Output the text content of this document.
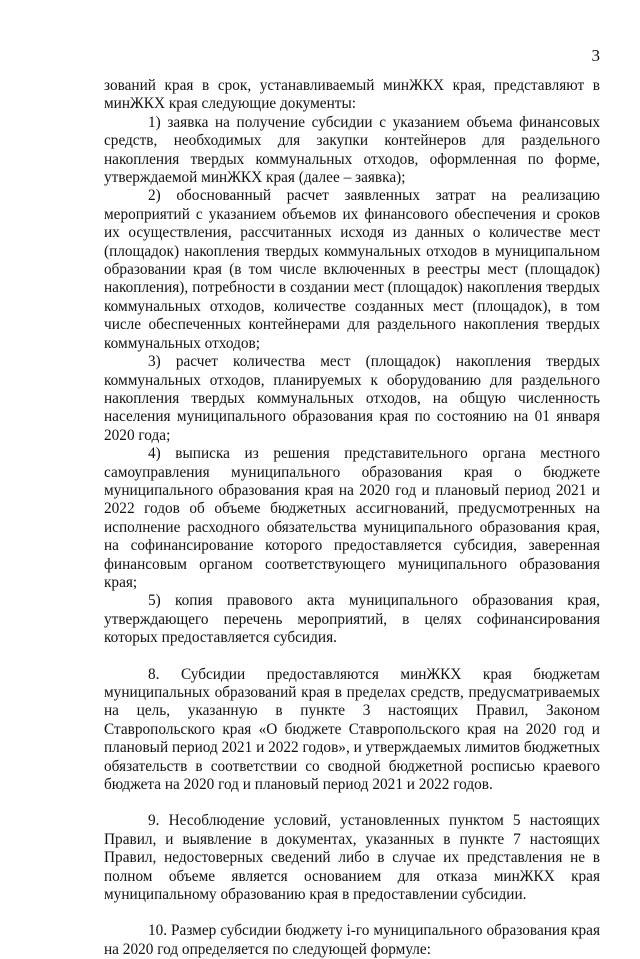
3

зований края в срок, устанавливаемый минЖКХ края, представляют в минЖКХ края следующие документы:

1) заявка на получение субсидии с указанием объема финансовых средств, необходимых для закупки контейнеров для раздельного накопления твердых коммунальных отходов, оформленная по форме, утверждаемой минЖКХ края (далее – заявка);

2) обоснованный расчет заявленных затрат на реализацию мероприятий с указанием объемов их финансового обеспечения и сроков их осуществления, рассчитанных исходя из данных о количестве мест (площадок) накопления твердых коммунальных отходов в муниципальном образовании края (в том числе включенных в реестры мест (площадок) накопления), потребности в создании мест (площадок) накопления твердых коммунальных отходов, количестве созданных мест (площадок), в том числе обеспеченных контейнерами для раздельного накопления твердых коммунальных отходов;

3) расчет количества мест (площадок) накопления твердых коммунальных отходов, планируемых к оборудованию для раздельного накопления твердых коммунальных отходов, на общую численность населения муниципального образования края по состоянию на 01 января 2020 года;

4) выписка из решения представительного органа местного самоуправления муниципального образования края о бюджете муниципального образования края на 2020 год и плановый период 2021 и 2022 годов об объеме бюджетных ассигнований, предусмотренных на исполнение расходного обязательства муниципального образования края, на софинансирование которого предоставляется субсидия, заверенная финансовым органом соответствующего муниципального образования края;

5) копия правового акта муниципального образования края, утверждающего перечень мероприятий, в целях софинансирования которых предоставляется субсидия.

8. Субсидии предоставляются минЖКХ края бюджетам муниципальных образований края в пределах средств, предусматриваемых на цель, указанную в пункте 3 настоящих Правил, Законом Ставропольского края «О бюджете Ставропольского края на 2020 год и плановый период 2021 и 2022 годов», и утверждаемых лимитов бюджетных обязательств в соответствии со сводной бюджетной росписью краевого бюджета на 2020 год и плановый период 2021 и 2022 годов.

9. Несоблюдение условий, установленных пунктом 5 настоящих Правил, и выявление в документах, указанных в пункте 7 настоящих Правил, недостоверных сведений либо в случае их представления не в полном объеме является основанием для отказа минЖКХ края муниципальному образованию края в предоставлении субсидии.

10. Размер субсидии бюджету i-го муниципального образования края на 2020 год определяется по следующей формуле:
